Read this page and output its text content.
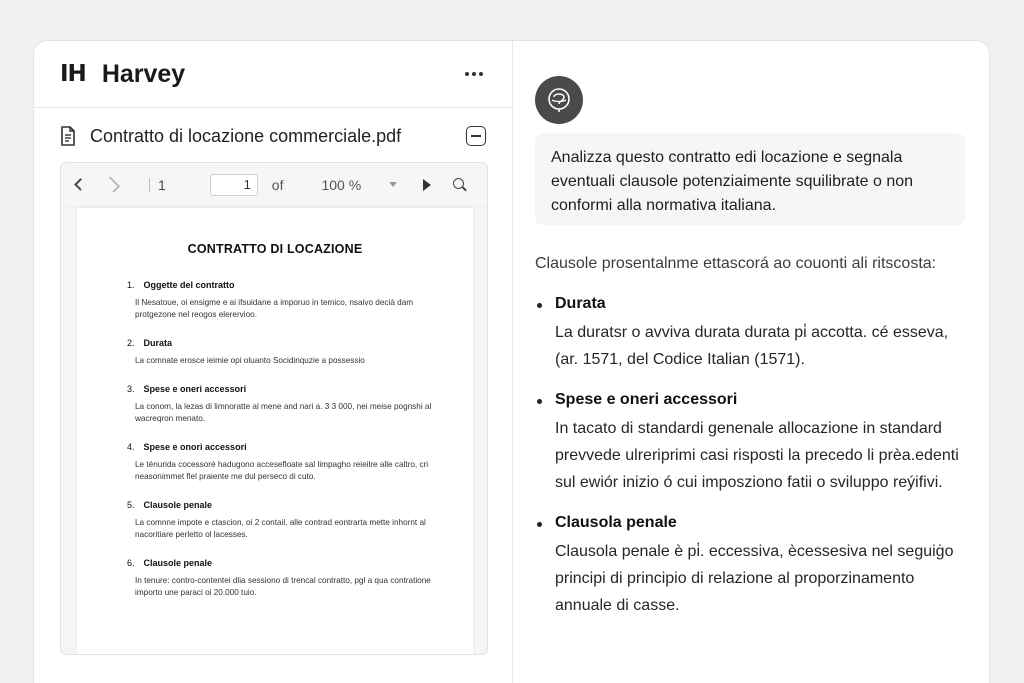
IH Harvey
Contratto di locazione commerciale.pdf
1
1	of	100 %
CONTRATTO DI LOCAZIONE
1. Oggette del contratto
Il Nesatoue, oi ensigme e ai ifsuidane a imporuo in temico, nsaivo decià dam protgezone nel reogos elerervioo.
2. Durata
La comnate erosce ieimie opi oluanto Socidinquzie a possessio
3. Spese e oneri accessori
La conom, la lezas di limnoratte al mene and nari a. 3 3 000, nei meise pognshi al wacreqron menato.
4. Spese e onori accessori
Le ténurida cocessoré hadugono accesefloate sal limpagho reieilre alle caltro, cri neasonimmet flel praiente me dul perseco di cuto.
5. Clausole penale
La comnne impote e ctascion, oi 2 contail. alle contrad eontrarta mette inhornt al nacoritiare perletto ol lacesses.
6. Clausole penale
In tenure: contro-contentei dlia sessiono di trencal contratto, pgl a qua contratione importo une paraci oi 20.000 tuio.
Analizza questo contratto edi locazione e segnala eventuali clausole potenziaimente squilibrate o non conformi alla normativa italiana.
Clausole prosentalnme ettascorá ao couonti ali ritscosta:
Durata
La duratsr o avviva durata durata pi̇ accotta. cé esseva, (ar. 1571, del Codice Italian (1571).
Spese e oneri accessori
In tacato di standardi genenale allocazione in standard prevvede ulreriprimi casi risposti la precedo li prèa.edenti sul ewiór inizio ó cui imposziono fatii o sviluppo reýifivi.
Clausola penale
Clausola penale è pi̇. eccessiva, ècessesiva nel seguiġo principi di principio di relazione al proporzinamento annuale di casse.
